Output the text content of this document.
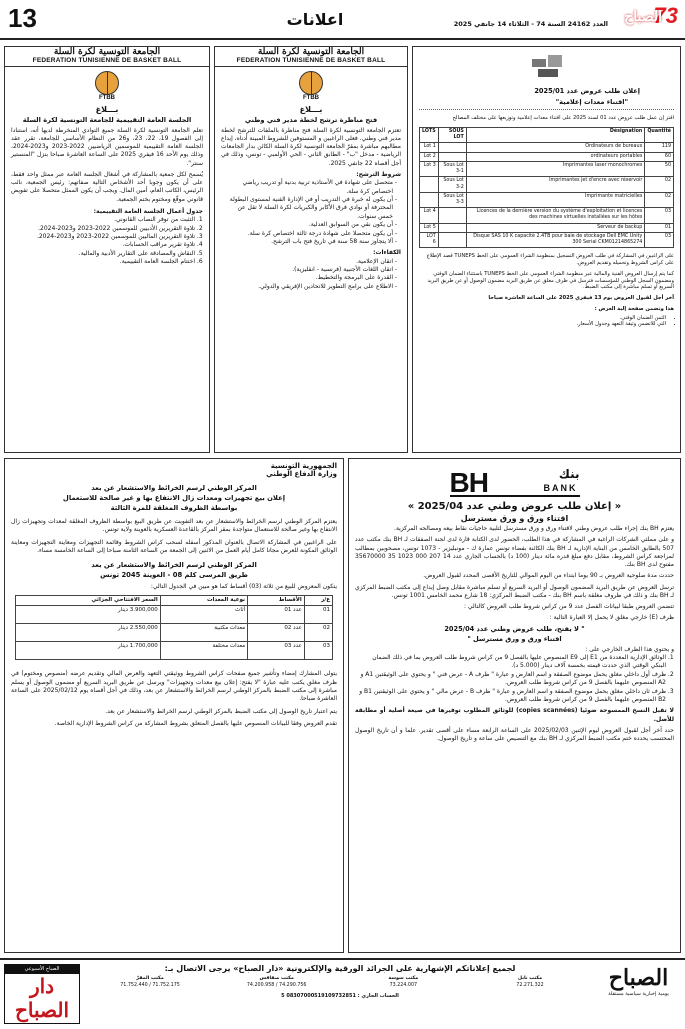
13	اعلانات	العدد 24162 السنة 74 - الثلاثاء 14 جانفي 2025 73
الصباح
الجامعة التونسية لكرة السلة
FEDERATION TUNISIENNE DE BASKET BALL
FTBB
بـــلاغ
الجلسة العامة التقييمية للجامعة التونسية لكرة السلة
تعلم الجامعة التونسية لكرة السلة جميع النوادي المنخرطة لديها أنه، استنادا إلى الفصول 19، 22، 23، و26 من النظام الأساسي للجامعة، تقرر عقد الجلسة العامة التقييمية للموسمين الرياضيين 2022-2023 و2023-2024، وذلك يوم الأحد 16 فيفري 2025 على الساعة العاشرة صباحا بنزل "المنستير سنتر".
يُسمح لكل جمعية بالمشاركة في أشغال الجلسة العامة عبر ممثل واحد فقط، على أن يكون وجوبا أحد الأشخاص التالية صفاتهم: رئيس الجمعية، نائب الرئيس، الكاتب العام، أمين المال. ويجب أن يكون الممثل متحصلا على تفويض قانوني موقّع ومختوم بختم الجمعية.
جدول أعمال الجلسة العامة التقييمية:
1. التثبت من توفر النصاب القانوني.
2. تلاوة التقريرين الأدبيين للموسمين 2022-2023 و2023-2024.
3. تلاوة التقريرين الماليين للموسمين 2022-2023 و2023-2024.
4. تلاوة تقرير مراقب الحسابات.
5. النقاش والمصادقة على التقارير الأدبية والمالية.
6. اختتام الجلسة العامة التقييمية.
الجامعة التونسية لكرة السلة
FEDERATION TUNISIENNE DE BASKET BALL
FTBB
بـــلاغ
فتح مناظرة ترشح لخطة مدير فني وطني
تعتزم الجامعة التونسية لكرة السلة فتح مناظرة بالملفات للترشح لخطة مدير فني وطني. فعلى الراغبين و المستوفين للشروط المبينة أدناه، إيداع مطالبهم مباشرة بمقرّ الجامعة التونسية لكرة السلة الكائن بدار الجامعات الرياضية - مدخل "ب" - الطابق الثاني - الحي الأولمبي - تونس، وذلك في أجل أقصاه 22 جانفي 2025.
شروط الترشح:
- متحصل على شهادة في الأستاذية تربية بدنية أو تدريب رياضي اختصاص كرة سلة.
- أن يكون له خبرة في التدريب أو في الإدارة الفنية لمستوى البطولة المحترفة أو نوادي فرق الأكابر والكبريات لكرة السلة لا تقل عن خمس سنوات.
- أن يكون نقي من السوابق العدلية.
- أن يكون متحصلا على شهادة درجة ثالثة اختصاص كرة سلة.
- ألا يتجاوز سنة 58 سنة في تاريخ فتح باب الترشح.
الكفاءات:
- اتقان الإعلامية.
- اتقان اللغات الأجنبية (فرنسية - انقليزية).
- القدرة على البرمجة والتخطيط.
- الاطلاع على برامج التطوير للاتحادين الإفريقي والدولي.
إعلان طلب عروض عدد 2025/01
"اقتناء معدات إعلامية"
اقتر إن عمل طلب عروض عدد 01 لسنة 2025 على اقتناء معدات إعلامية وتوزيعها على مختلف المصالح
LOTS	SOUS LOT	Désignation	Quantité
Lot 1		Ordinateurs de bureaux	119
Lot 2		ordinateurs portables	60
Lot 3	Sous Lot 3-1	Imprimantes laser monochromes	50
	Sous Lot 3-2	Imprimantes jet d'encre avec réservoir	02
	Sous Lot 3-3	Imprimante matricielles	02
Lot 4		Licences de la dernière version du système d'exploitation et licences des machines virtuelles installées sur les hôtes	03
Lot 5		Serveur de backup	01
LOT 6		Disque SAS 10 K capacité 2.4TB pour baie de stockage Dell EMC Unity 300 Serial CKM01214865274	03
على الراغبين في المشاركة في طلب العروض التسجيل بمنظومة الشراء العمومي على الخط TUNEPS قصد الإطلاع على كراس الشروط وتحميله وتقديم العروض.
كما يتم إرسال العروض الفنية والمالية عبر منظومة الشراء العمومي على الخط TUNEPS باستثناء الضمان الوقتي ومضمون السجل الوطني للمؤسسات فترسل في ظرف مغلق عن طريق البريد مضمون الوصول أو عن طريق البريد السريع أو تسلم مباشرة إلى مكتب الضبط.
آخر أجل لقبول العروض يوم 13 فيفري 2025 على الساعة العاشرة صباحا
هذا وتضمن صفحة إلية العرض :
• الثمن الضمان الوقتي.
• التي للاتضمن وثيقة التعهد وجدول الأسعار.
الجمهورية التونسية
وزارة الدفاع الوطني
المركز الوطني لرسم الخرائط والاستشعار عن بعد
إعلان بيع تجهيزات ومعدات زال الانتفاع بها و غير صالحة للاستعمال
بواسطة الظروف المغلقة للمرة الثالثة
يعتزم المركز الوطني لرسم الخرائط والاستشعار عن بعد التفويت عن طريق البيع بواسطة الظروف المغلقة لمعدات وتجهيزات زال الانتفاع بها وغير صالحة للاستعمال متواجدة بمقر المركز بالقاعدة العسكرية بالعوينة ولاية تونس.
على الراغبين في المشاركة الاتصال بالعنوان المذكور أسفله لسحب كراس الشروط وقائمة التجهيزات ومعاينة التجهيزات ومعاينة الوثائق المكونة للعرض مجانا كامل أيام العمل من الاثنين إلى الجمعة من الساعة الثامنة صباحا إلى الساعة الخامسة مساء.
المركز الوطني لرسم الخرائط والاستشعار عن بعد
طريق المرسى كلم 08 - العوينة 2045 تونس
يتكون المعروض للبيع من ثلاثة (03) أقساط كما هو مبين في الجدول التالي:
ع/ر	الأقساط	نوعية المعدات	السعر الافتتاحي الجزائي
01	عدد 01	أثاث	3.900,000 دينار
02	عدد 02	معدات مكتبية	2.550,000 دينار
03	عدد 03	معدات مختلفة	1.700,000 دينار
يتولى المشارك إمضاء وتأشير جميع صفحات كراس الشروط ووثيقتي التعهد والعرض المالي وتقديم عرضه (منصوص ومختوم) في ظرف مغلق يكتب عليه عبارة "لا يفتح: إعلان بيع معدات وتجهيزات" ويرسل عن طريق البريد السريع أو مضمون الوصول أو يسلم مباشرة إلى مكتب الضبط بالمركز الوطني لرسم الخرائط والاستشعار عن بعد، وذلك في أجل أقصاه يوم 2025/02/12 على الساعة العاشرة صباحا.
يتم اعتبار تاريخ الوصول إلى مكتب الضبط بالمركز الوطني لرسم الخرائط والاستشعار عن بعد.
تقدم العروض وفقا للبيانات المنصوص عليها بالفصل المتعلق بشروط المشاركة من كراس الشروط الإدارية الخاصة.
BH	بنك
BANK
« إعلان طلب عروض وطني عدد 2025/04 »
اقتناء ورق و ورق مسترسل
يعتزم BH بنك إجراء طلب عروض وطني لاقتناء ورق و ورق مسترسل لتلبية حاجيات نقاط بيعه ومصالحه المركزية.
و على مملثي الشركات الراغبة في المشاركة في هذا الطلب، الحضور لدى الكتابة قارة لدى لجنة الصفقات لـ BH بنك مكتب عدد 507 بالطابق الخامس من البناية الإدارية لـ BH بنك الكائنة بفضاء تونس عمارة ك - مونبليزير - 1073 تونس، مصحوبين بمطالب لمراجعة كراس الشروط، مقابل دفع مبلغ قدره مائة دينار (100 د) بالحساب الجاري عدد 14 207 000 1023 35 35670000 مفتوح لدى BH بنك.
حددت مدة صلوحية العروض بـ 90 يوما ابتداء من اليوم الموالي للتاريخ الأقصى المحدد لقبول العروض.
ترسل العروض عن طريق البريد المضمون الوصول أو البريد السريع أو تسلم مباشرة مقابل وصل إيداع إلى مكتب الضبط المركزي لـ BH بنك و ذلك في ظروف مغلقة باسم BH بنك - مكتب الضبط المركزي: 18 شارع محمد الخامس 1001 تونس.
تتضمن العروض طبقا لبيانات الفصل عدد 9 من كراس شروط طلب العروض كالتالي :
ظرف (E) خارجي مغلق لا يحمل إلا العبارة التالية :
" لا يفتح، طلب عروض وطني عدد 2025/04
اقتناء ورق و ورق مسترسل "
و يحتوي هذا الظرف الخارجي على :
1. الوثائق الإدارية المعددة من E1 إلى E9 المنصوص عليها بالفصل 9 من كراس شروط طلب العروض بما في ذلك الضمان البنكي الوقتي الذي حددت قيمته بخمسة آلاف دينار (5.000 د).
2. ظرف أول داخلي مغلق يحمل موضوع الصفقة و اسم العارض و عبارة " ظرف A - عرض فني " و يحتوي على الوثيقتين A1 و A2 المنصوص عليهما بالفصل 9 من كراس شروط طلب العروض.
3. ظرف ثان داخلي مغلق يحمل موضوع الصفقة و اسم العارض و عبارة " ظرف B - عرض مالي " و يحتوي على الوثيقتين B1 و B2 المنصوص عليهما بالفصل 9 من كراس شروط طلب العروض.
لا تقبل النسخ الممسوحة ضوئيا (copies scannées) للوثائق المطلوب توفيرها في صيغة أصلية أو مطابقة للأصل.
حدد آخر أجل لقبول العروض ليوم الإثنين 2025/02/03 على الساعة الرابعة مساء على أقصى تقدير. علما و أن تاريخ الوصول المحتسب يحدده ختم مكتب الضبط المركزي لـ BH بنك مع التنصيص على ساعة و تاريخ الوصول.
الصباح
يومية إخبارية سياسية مستقلة
لجميع إعلاناتكم الإشهارية على الجرائد الورقية والإلكترونية «دار الصباح» يرجى الاتصال بـ:
مكتب المقرّ
71.752.175 / 71.752.440
مكتب صفاقس
74.290.756 / 74.200.958
مكتب سوسة
73.224.007
مكتب نابل
72.271.322
الحساب الجاري : 08307000519109732851 5
الصباح الأسبوعي
دار الصباح
